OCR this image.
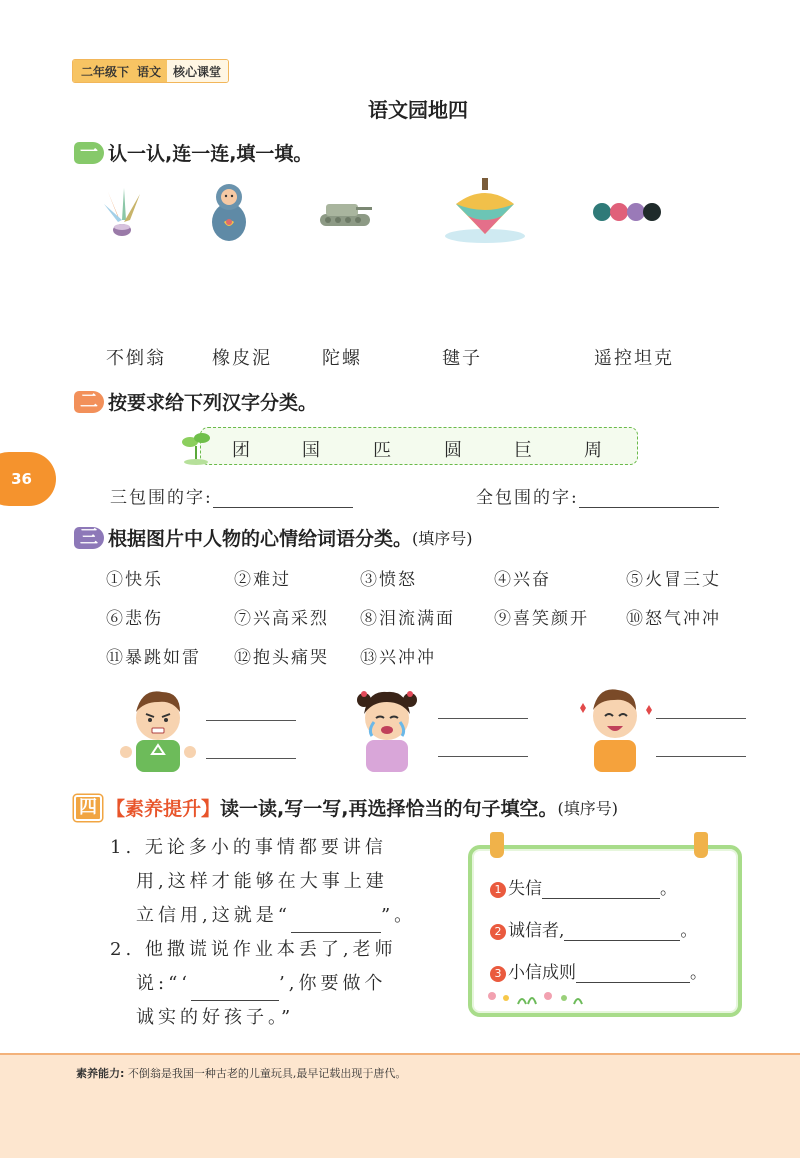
二年级下 语文	核心课堂
语文园地四
36
一 认一认,连一连,填一填。
不倒翁	橡皮泥	陀螺	毽子	遥控坦克
二 按要求给下列汉字分类。
团	国	匹	圆	巨	周
三包围的字:	全包围的字:
三 根据图片中人物的心情给词语分类。 (填序号)
①快乐	②难过	③愤怒	④兴奋	⑤火冒三丈
⑥悲伤	⑦兴高采烈 ⑧泪流满面 ⑨喜笑颜开 ⑩怒气冲冲
⑪暴跳如雷 ⑫抱头痛哭 ⑬兴冲冲
四 【素养提升】 读一读,写一写,再选择恰当的句子填空。 (填序号)
1. 无论多小的事情都要讲信
用,这样才能够在大事上建
立信用,这就是“	”。
2. 他撒谎说作业本丢了,老师
说:“‘	’,你要做个
诚实的好孩子。”
1 失信	。
2 诚信者,	。
3 小信成则	。
素养能力: 不倒翁是我国一种古老的儿童玩具,最早记载出现于唐代。
